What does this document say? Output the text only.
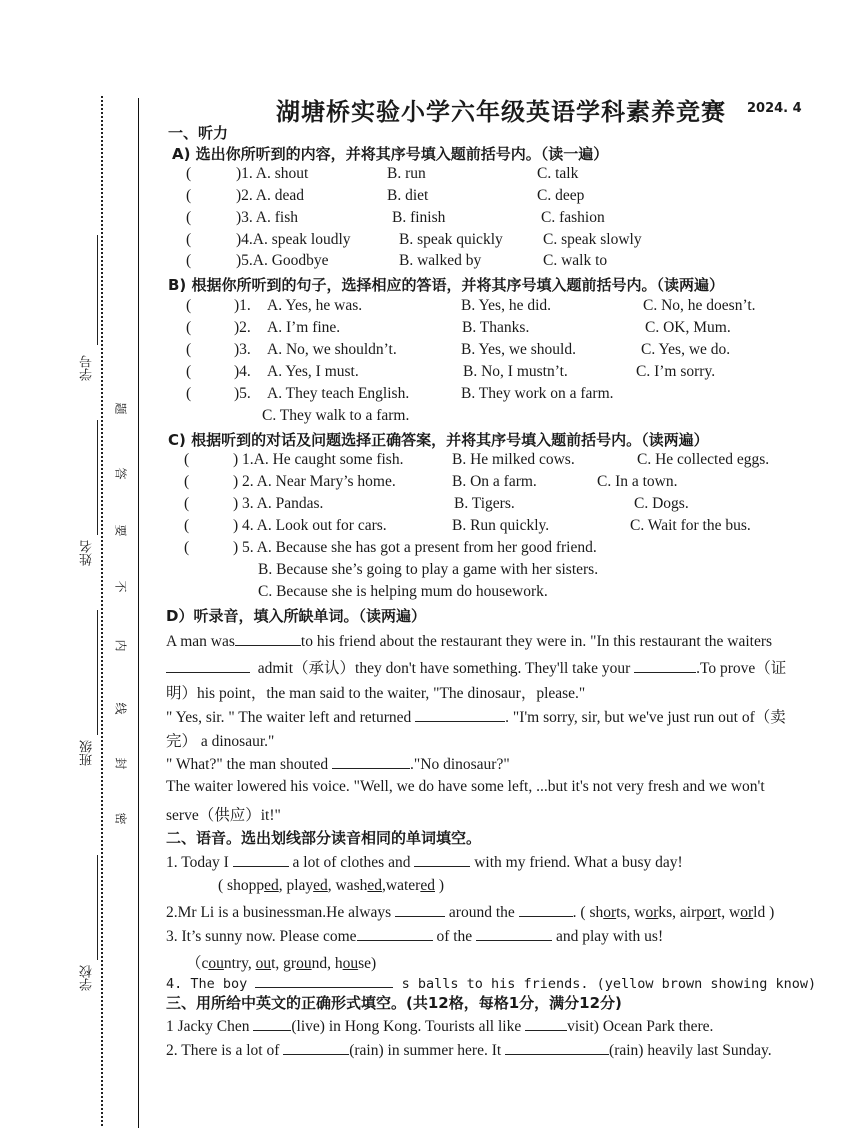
学号
姓名
班级
学校
题
答
要
不
内
线
封
密
湖塘桥实验小学六年级英语学科素养竞赛 2024. 4
一、听力
A) 选出你所听到的内容，并将其序号填入题前括号内。（读一遍）
(	)1. A. shout	B. run	C. talk
(	)2. A. dead	B. diet	C. deep
(	)3. A. fish	B. finish	C. fashion
(	)4.A. speak loudly	B. speak quickly	C. speak slowly
(	)5.A. Goodbye	B. walked by	C. walk to
B) 根据你所听到的句子，选择相应的答语，并将其序号填入题前括号内。（读两遍）
(	)1. A. Yes, he was.	B. Yes, he did.	C. No, he doesn’t.
(	)2. A. I’m fine.	B. Thanks.	C. OK, Mum.
(	)3. A. No, we shouldn’t.	B. Yes, we should.	C. Yes, we do.
(	)4. A. Yes, I must.	B. No, I mustn’t.	C. I’m sorry.
(	)5. A. They teach English.	B. They work on a farm.
C. They walk to a farm.
C) 根据听到的对话及问题选择正确答案，并将其序号填入题前括号内。（读两遍）
(	) 1.A. He caught some fish.	B. He milked cows.	C. He collected eggs.
(	) 2. A. Near Mary’s home.	B. On a farm.	C. In a town.
(	) 3. A. Pandas.	B. Tigers.	C. Dogs.
(	) 4. A. Look out for cars.	B. Run quickly.	C. Wait for the bus.
(	) 5. A. Because she has got a present from her good friend.
B. Because she’s going to play a game with her sisters.
C. Because she is helping mum do housework.
D）听录音，填入所缺单词。（读两遍）
A man was	to his friend about the restaurant they were in. "In this restaurant the waiters
admit（承认）they don't have something. They'll take your	.To prove（证
明）his point，the man said to the waiter, "The dinosaur，please."
" Yes, sir. " The waiter left and returned	. "I'm sorry, sir, but we've just run out of（卖
完） a dinosaur."
" What?" the man shouted	."No dinosaur?"
The waiter lowered his voice. "Well, we do have some left, ...but it's not very fresh and we won't
serve（供应）it!"
二、语音。选出划线部分读音相同的单词填空。
1. Today I	a lot of clothes and	with my friend. What a busy day!
( shopped, played, washed,watered )
2.Mr Li is a businessman.He always	around the	. ( shorts, works, airport, world )
3. It’s sunny now. Please come	of the	and play with us!
（country, out, ground, house)
4. The boy	s balls to his friends. (yellow brown showing know)
三、用所给中英文的正确形式填空。(共12格，每格1分，满分12分)
1 Jacky Chen	(live) in Hong Kong. Tourists all like	visit) Ocean Park there.
2. There is a lot of	(rain) in summer here. It	(rain) heavily last Sunday.
